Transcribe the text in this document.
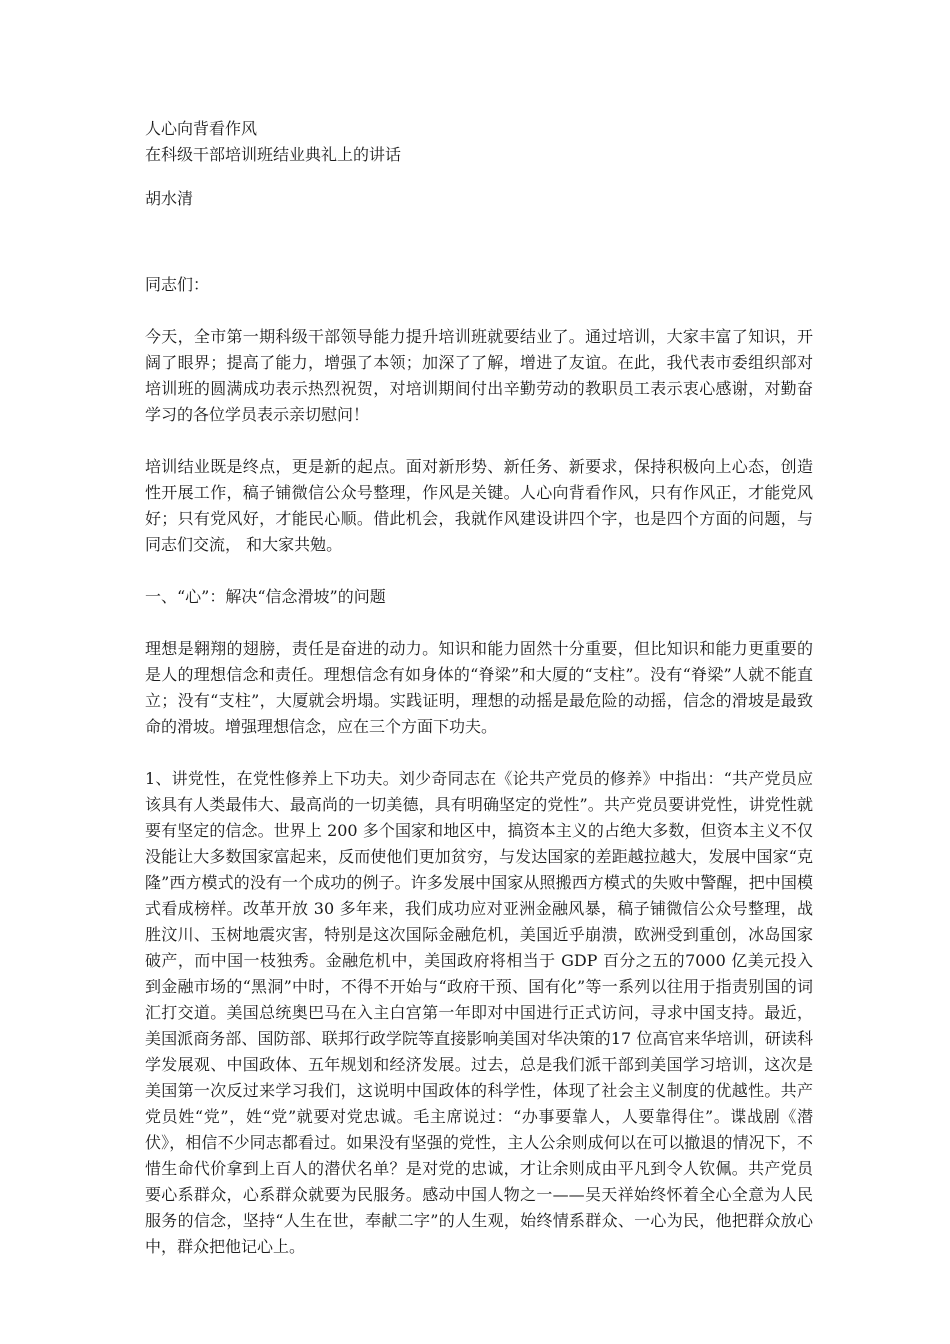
人心向背看作风

在科级干部培训班结业典礼上的讲话

胡水清

同志们：

今天，全市第一期科级干部领导能力提升培训班就要结业了。通过培训，大家丰富了知识，开阔了眼界；提高了能力，增强了本领；加深了了解，增进了友谊。在此，我代表市委组织部对培训班的圆满成功表示热烈祝贺，对培训期间付出辛勤劳动的教职员工表示衷心感谢，对勤奋学习的各位学员表示亲切慰问！

培训结业既是终点，更是新的起点。面对新形势、新任务、新要求，保持积极向上心态，创造性开展工作，稿子铺微信公众号整理，作风是关键。人心向背看作风，只有作风正，才能党风好；只有党风好，才能民心顺。借此机会，我就作风建设讲四个字，也是四个方面的问题，与同志们交流， 和大家共勉。

一、“心”：解决“信念滑坡”的问题

理想是翱翔的翅膀，责任是奋进的动力。知识和能力固然十分重要，但比知识和能力更重要的是人的理想信念和责任。理想信念有如身体的“脊梁”和大厦的“支柱”。没有“脊梁”人就不能直立；没有“支柱”，大厦就会坍塌。实践证明，理想的动摇是最危险的动摇，信念的滑坡是最致命的滑坡。增强理想信念，应在三个方面下功夫。

1、讲党性，在党性修养上下功夫。刘少奇同志在《论共产党员的修养》中指出：“共产党员应该具有人类最伟大、最高尚的一切美德，具有明确坚定的党性”。共产党员要讲党性，讲党性就要有坚定的信念。世界上 200 多个国家和地区中，搞资本主义的占绝大多数，但资本主义不仅没能让大多数国家富起来，反而使他们更加贫穷，与发达国家的差距越拉越大，发展中国家“克隆”西方模式的没有一个成功的例子。许多发展中国家从照搬西方模式的失败中警醒，把中国模式看成榜样。改革开放 30 多年来，我们成功应对亚洲金融风暴，稿子铺微信公众号整理，战胜汶川、玉树地震灾害，特别是这次国际金融危机，美国近乎崩溃，欧洲受到重创，冰岛国家破产，而中国一枝独秀。金融危机中，美国政府将相当于 GDP 百分之五的7000 亿美元投入到金融市场的“黑洞”中时，不得不开始与“政府干预、国有化”等一系列以往用于指责别国的词汇打交道。美国总统奥巴马在入主白宫第一年即对中国进行正式访问，寻求中国支持。最近，美国派商务部、国防部、联邦行政学院等直接影响美国对华决策的17 位高官来华培训，研读科学发展观、中国政体、五年规划和经济发展。过去，总是我们派干部到美国学习培训，这次是美国第一次反过来学习我们，这说明中国政体的科学性，体现了社会主义制度的优越性。共产党员姓“党”，姓“党”就要对党忠诚。毛主席说过：“办事要靠人，人要靠得住”。谍战剧《潜伏》，相信不少同志都看过。如果没有坚强的党性，主人公余则成何以在可以撤退的情况下，不惜生命代价拿到上百人的潜伏名单？是对党的忠诚，才让余则成由平凡到令人钦佩。共产党员要心系群众，心系群众就要为民服务。感动中国人物之一——吴天祥始终怀着全心全意为人民服务的信念，坚持“人生在世，奉献二字”的人生观，始终情系群众、一心为民，他把群众放心中，群众把他记心上。
